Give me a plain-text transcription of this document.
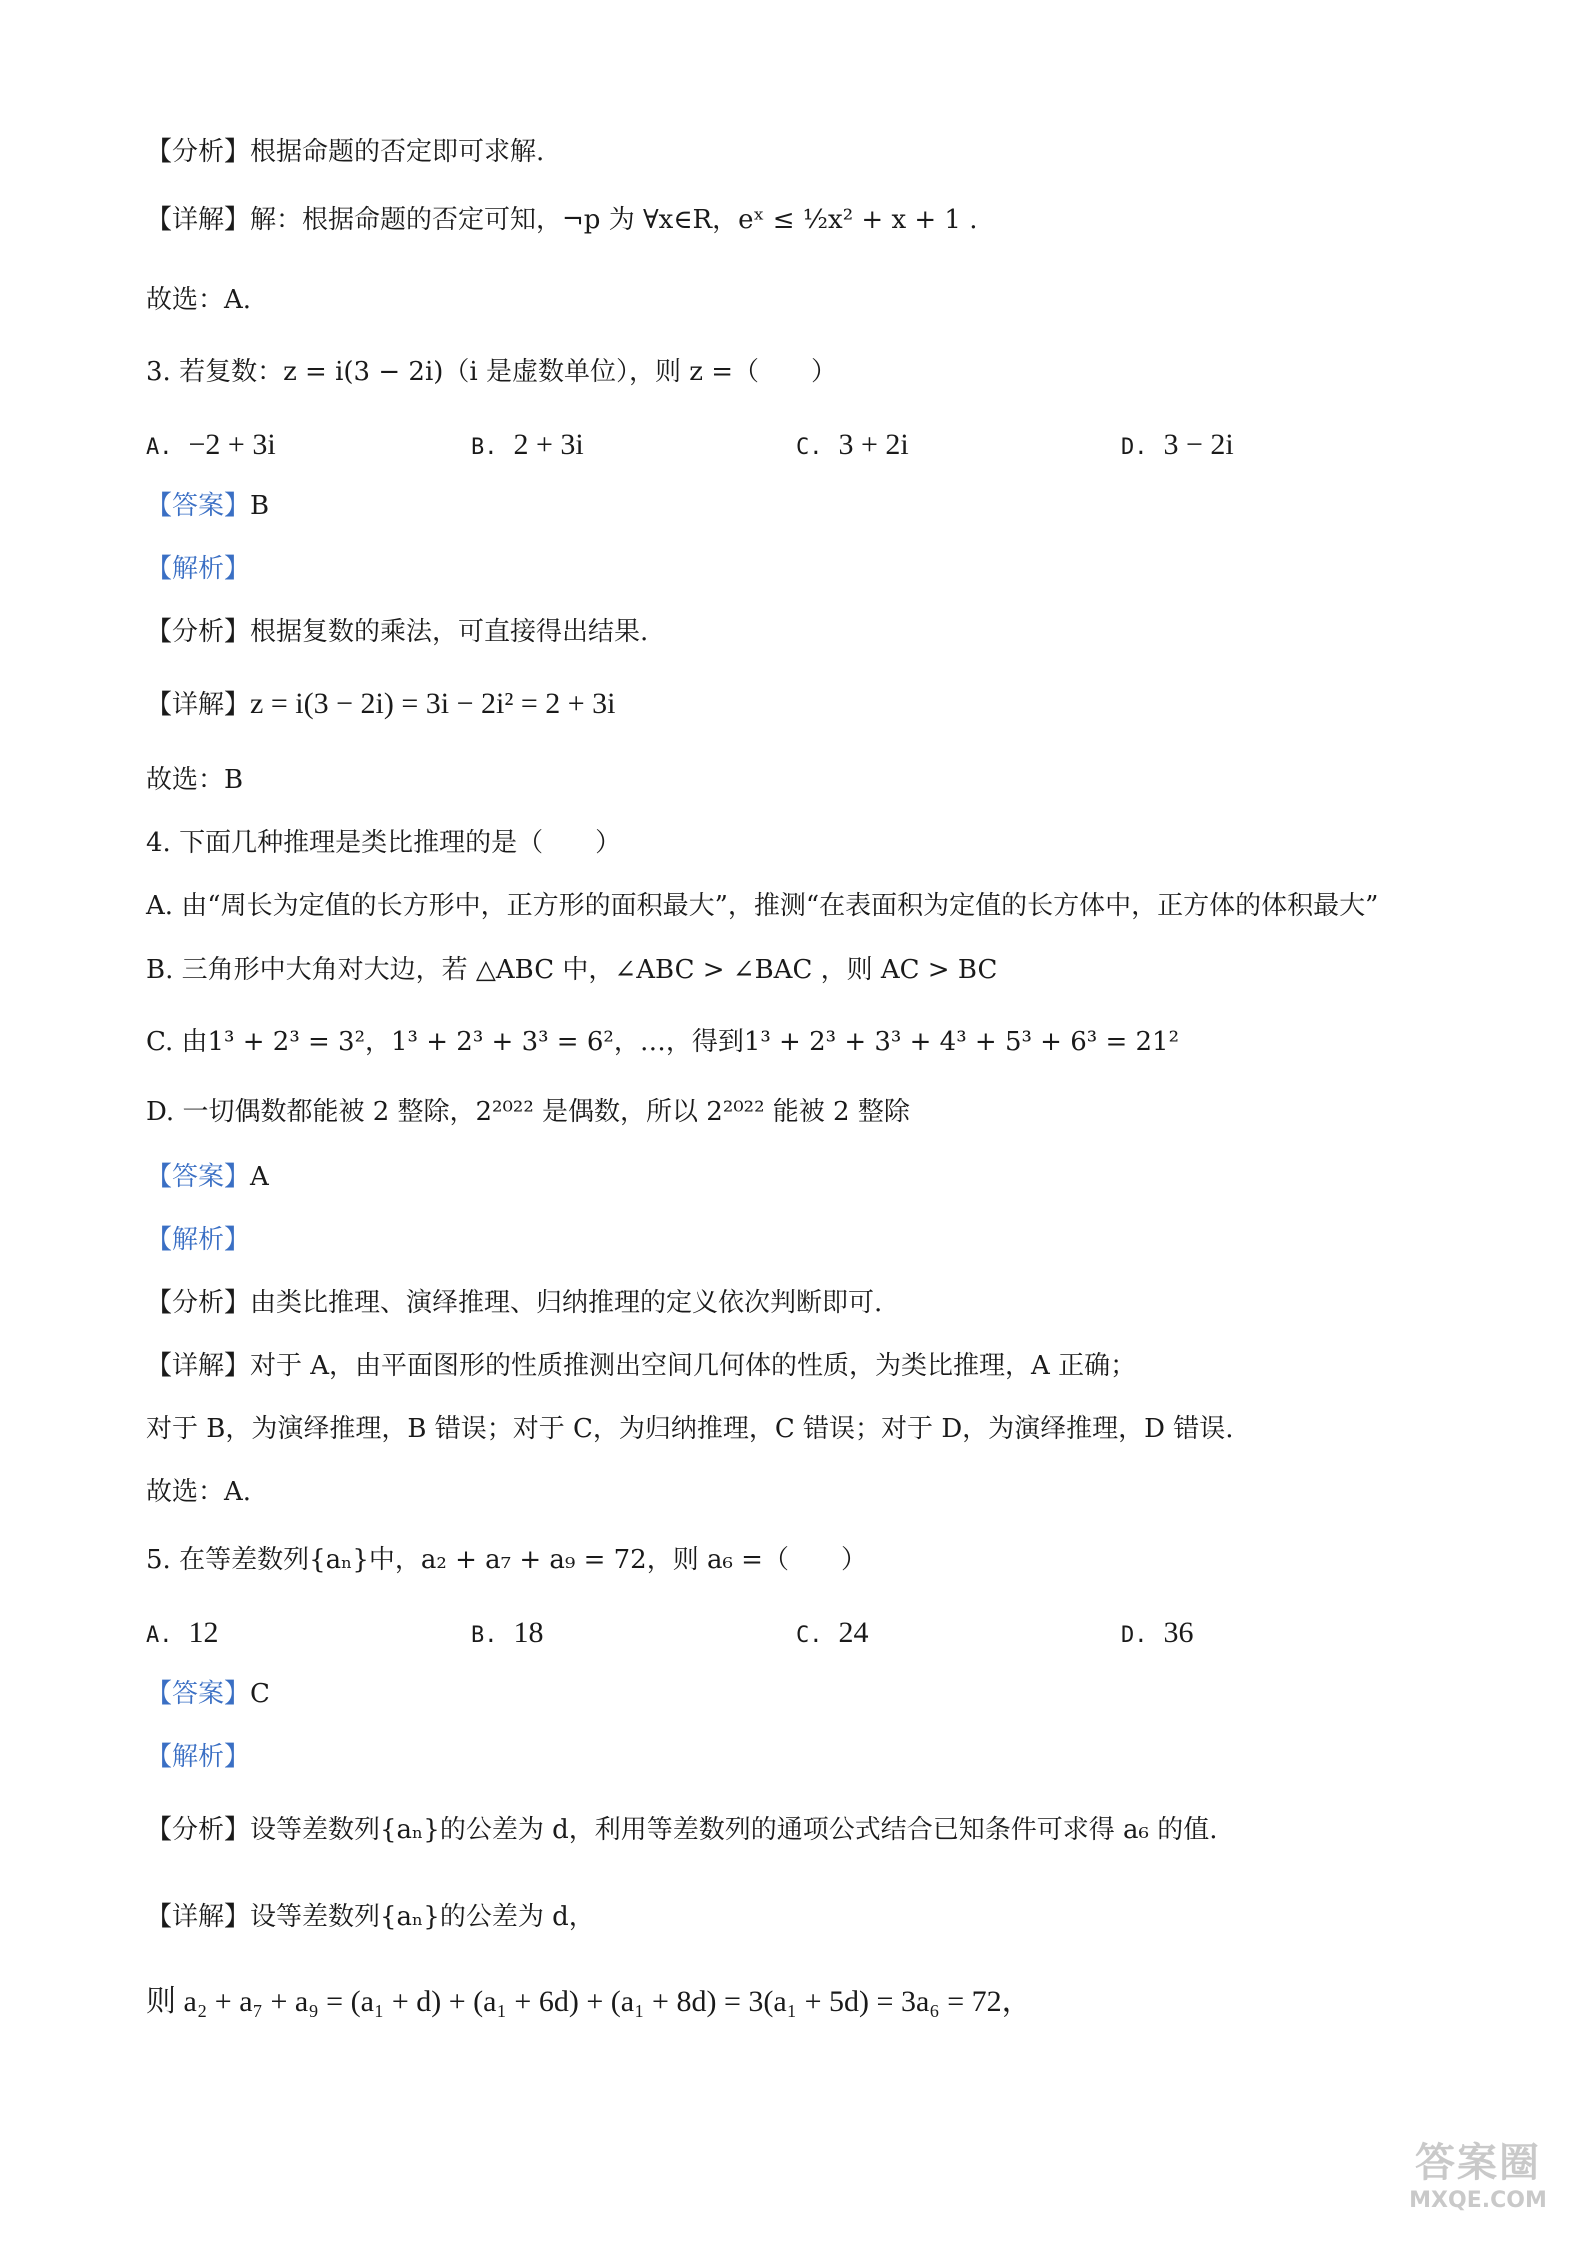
【分析】根据命题的否定即可求解.
【详解】解：根据命题的否定可知，¬p 为 ∀x∈R，eˣ ≤ ½x² + x + 1 .
故选：A.
3. 若复数：z = i(3 − 2i)（i 是虚数单位），则 z =（　　）
A. −2 + 3i	B. 2 + 3i	C. 3 + 2i	D. 3 − 2i
【答案】B
【解析】
【分析】根据复数的乘法，可直接得出结果.
【详解】z = i(3 − 2i) = 3i − 2i² = 2 + 3i
故选：B
4. 下面几种推理是类比推理的是（　　）
A. 由“周长为定值的长方形中，正方形的面积最大”，推测“在表面积为定值的长方体中，正方体的体积最大”
B. 三角形中大角对大边，若 △ABC 中，∠ABC > ∠BAC ，则 AC > BC
C. 由1³ + 2³ = 3²，1³ + 2³ + 3³ = 6²，…，得到1³ + 2³ + 3³ + 4³ + 5³ + 6³ = 21²
D. 一切偶数都能被 2 整除，2²⁰²² 是偶数，所以 2²⁰²² 能被 2 整除
【答案】A
【解析】
【分析】由类比推理、演绎推理、归纳推理的定义依次判断即可.
【详解】对于 A，由平面图形的性质推测出空间几何体的性质，为类比推理，A 正确；
对于 B，为演绎推理，B 错误；对于 C，为归纳推理，C 错误；对于 D，为演绎推理，D 错误.
故选：A.
5. 在等差数列{aₙ}中，a₂ + a₇ + a₉ = 72，则 a₆ =（　　）
A. 12	B. 18	C. 24	D. 36
【答案】C
【解析】
【分析】设等差数列{aₙ}的公差为 d，利用等差数列的通项公式结合已知条件可求得 a₆ 的值.
【详解】设等差数列{aₙ}的公差为 d，
则 a₂ + a₇ + a₉ = (a₁ + d) + (a₁ + 6d) + (a₁ + 8d) = 3(a₁ + 5d) = 3a₆ = 72，
答案圈
MXQE.COM
